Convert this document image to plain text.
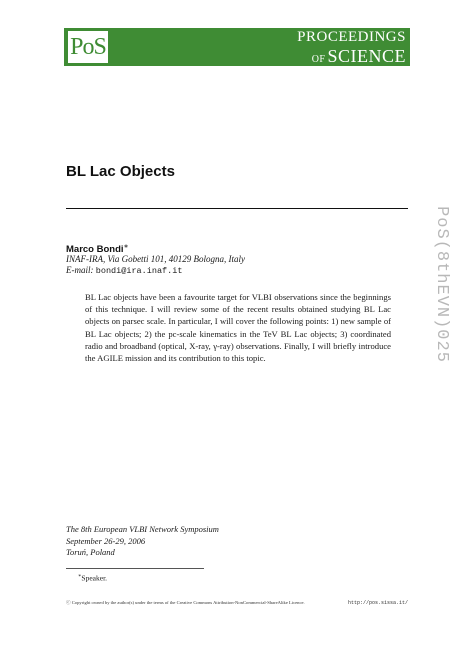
PoS	PROCEEDINGS
OF SCIENCE
BL Lac Objects
Marco Bondi∗
INAF-IRA, Via Gobetti 101, 40129 Bologna, Italy
E-mail: bondi@ira.inaf.it
BL Lac objects have been a favourite target for VLBI observations since the beginnings of this technique. I will review some of the recent results obtained studying BL Lac objects on parsec scale. In particular, I will cover the following points: 1) new sample of BL Lac objects; 2) the pc-scale kinematics in the TeV BL Lac objects; 3) coordinated radio and broadband (optical, X-ray, γ-ray) observations. Finally, I will briefly introduce the AGILE mission and its contribution to this topic.
The 8th European VLBI Network Symposium
September 26-29, 2006
Toruń, Poland
∗Speaker.
ⓒ Copyright owned by the author(s) under the terms of the Creative Commons Attribution-NonCommercial-ShareAlike Licence.	http://pos.sissa.it/
PoS(8thEVN)025
